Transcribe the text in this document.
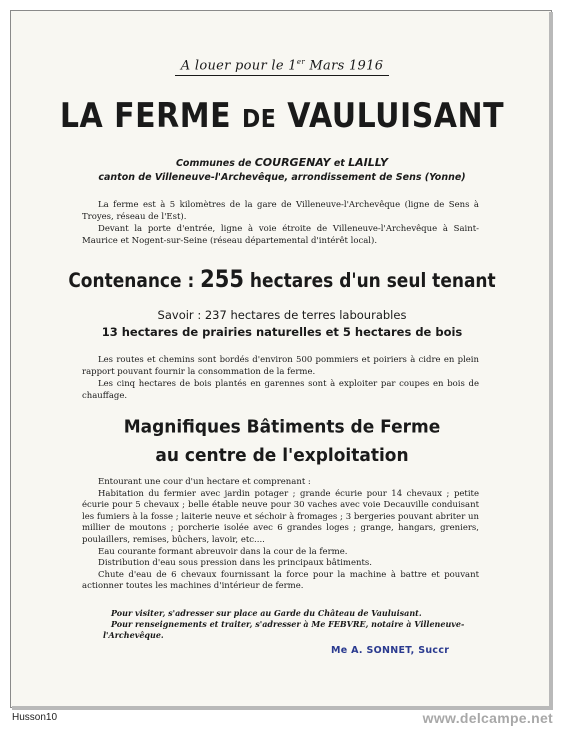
A louer pour le 1er Mars 1916
LA FERME DE VAULUISANT
Communes de COURGENAY et LAILLY
canton de Villeneuve-l'Archevêque, arrondissement de Sens (Yonne)

La ferme est à 5 kilomètres de la gare de Villeneuve-l'Archevêque (ligne de Sens à Troyes, réseau de l'Est).

Devant la porte d'entrée, ligne à voie étroite de Villeneuve-l'Archevêque à Saint-Maurice et Nogent-sur-Seine (réseau départemental d'intérêt local).

Contenance : 255 hectares d'un seul tenant
Savoir : 237 hectares de terres labourables
13 hectares de prairies naturelles et 5 hectares de bois

Les routes et chemins sont bordés d'environ 500 pommiers et poiriers à cidre en plein rapport pouvant fournir la consommation de la ferme.

Les cinq hectares de bois plantés en garennes sont à exploiter par coupes en bois de chauffage.

Magnifiques Bâtiments de Ferme
au centre de l'exploitation

Entourant une cour d'un hectare et comprenant :

Habitation du fermier avec jardin potager ; grande écurie pour 14 chevaux ; petite écurie pour 5 chevaux ; belle étable neuve pour 30 vaches avec voie Decauville conduisant les fumiers à la fosse ; laiterie neuve et séchoir à fromages ; 3 bergeries pouvant abriter un millier de moutons ; porcherie isolée avec 6 grandes loges ; grange, hangars, greniers, poulaillers, remises, bûchers, lavoir, etc....

Eau courante formant abreuvoir dans la cour de la ferme.

Distribution d'eau sous pression dans les principaux bâtiments.

Chute d'eau de 6 chevaux fournissant la force pour la machine à battre et pouvant actionner toutes les machines d'intérieur de ferme.

Pour visiter, s'adresser sur place au Garde du Château de Vauluisant.

Pour renseignements et traiter, s'adresser à Me FEBVRE, notaire à Villeneuve-l'Archevêque.

Me A. SONNET, Succr
Husson10	www.delcampe.net
